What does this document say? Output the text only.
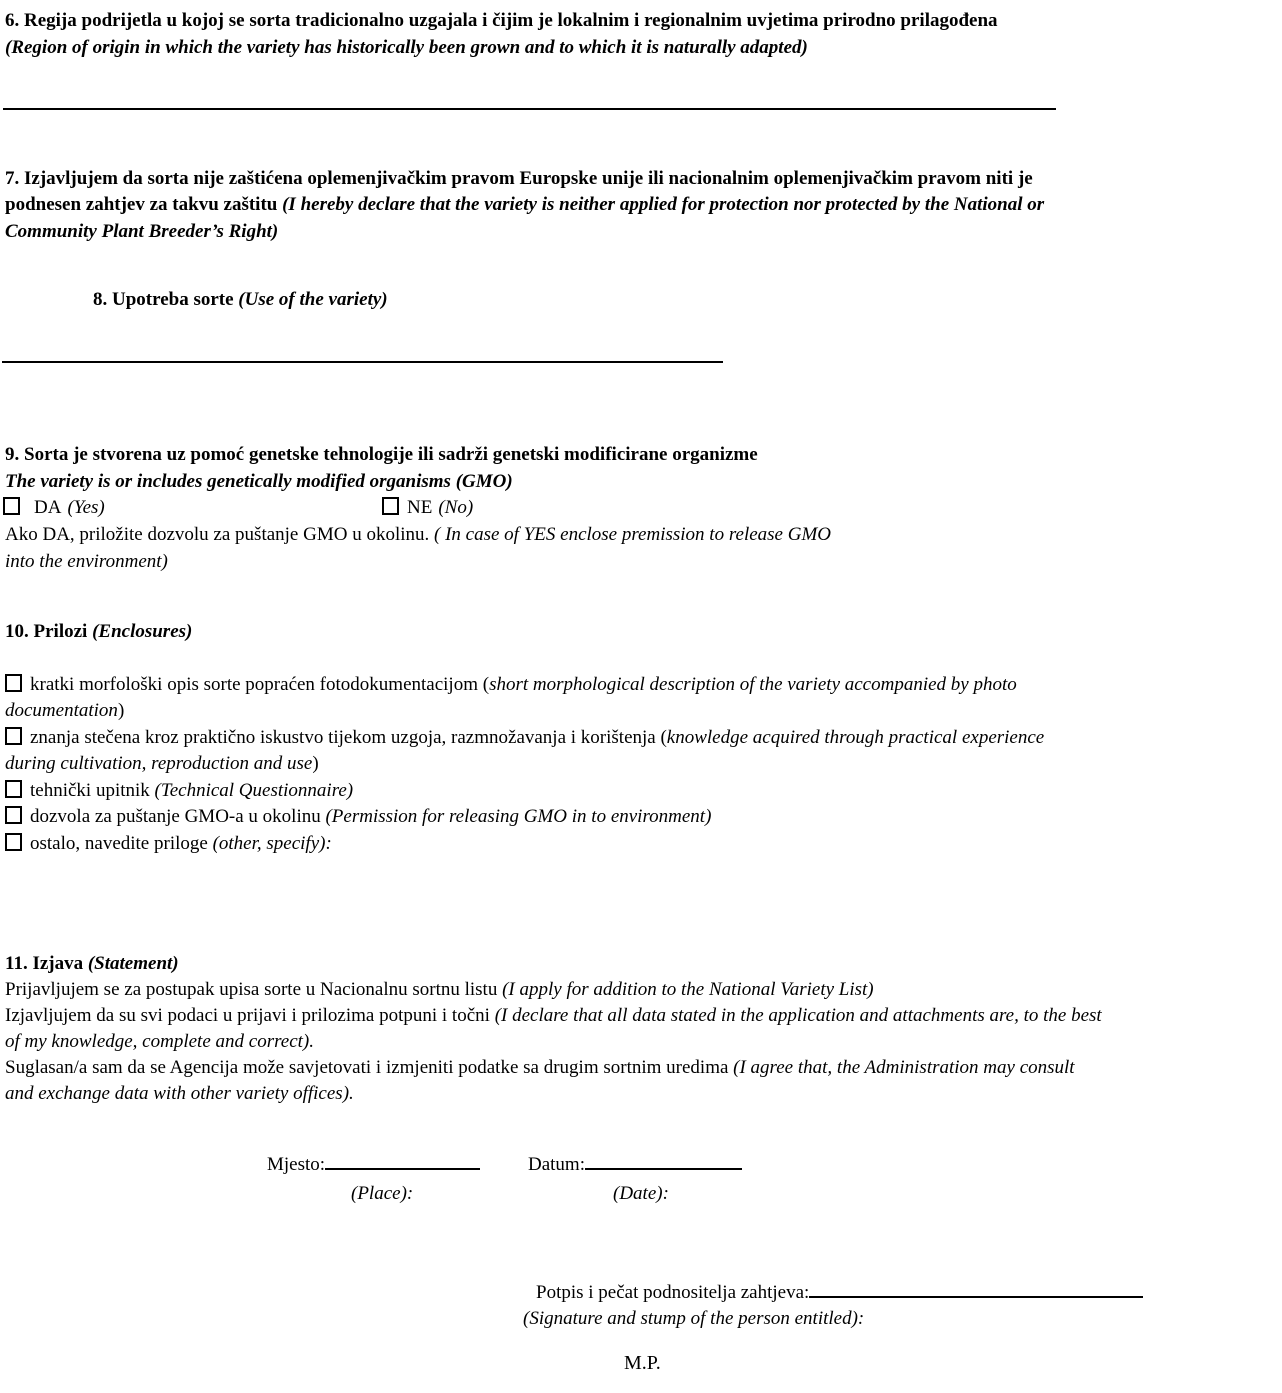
6. Regija podrijetla u kojoj se sorta tradicionalno uzgajala i čijim je lokalnim i regionalnim uvjetima prirodno prilagođena
(Region of origin in which the variety has historically been grown and to which it is naturally adapted)
7. Izjavljujem da sorta nije zaštićena oplemenjivačkim pravom Europske unije ili nacionalnim oplemenjivačkim pravom niti je
podnesen zahtjev za takvu zaštitu (I hereby declare that the variety is neither applied for protection nor protected by the National or
Community Plant Breeder’s Right)
8. Upotreba sorte (Use of the variety)
9. Sorta je stvorena uz pomoć genetske tehnologije ili sadrži genetski modificirane organizme
The variety is or includes genetically modified organisms (GMO)
DA (Yes)	NE (No)
Ako DA, priložite dozvolu za puštanje GMO u okolinu. ( In case of YES enclose premission to release GMO
into the environment)
10. Prilozi (Enclosures)
kratki morfološki opis sorte popraćen fotodokumentacijom (short morphological description of the variety accompanied by photo
documentation)
znanja stečena kroz praktično iskustvo tijekom uzgoja, razmnožavanja i korištenja (knowledge acquired through practical experience
during cultivation, reproduction and use)
tehnički upitnik (Technical Questionnaire)
dozvola za puštanje GMO-a u okolinu (Permission for releasing GMO in to environment)
ostalo, navedite priloge (other, specify):
11. Izjava (Statement)
Prijavljujem se za postupak upisa sorte u Nacionalnu sortnu listu (I apply for addition to the National Variety List)
Izjavljujem da su svi podaci u prijavi i prilozima potpuni i točni (I declare that all data stated in the application and attachments are, to the best
of my knowledge, complete and correct).
Suglasan/a sam da se Agencija može savjetovati i izmjeniti podatke sa drugim sortnim uredima (I agree that, the Administration may consult
and exchange data with other variety offices).
Mjesto:	Datum:
(Place):	(Date):
Potpis i pečat podnositelja zahtjeva:
(Signature and stump of the person entitled):
M.P.
